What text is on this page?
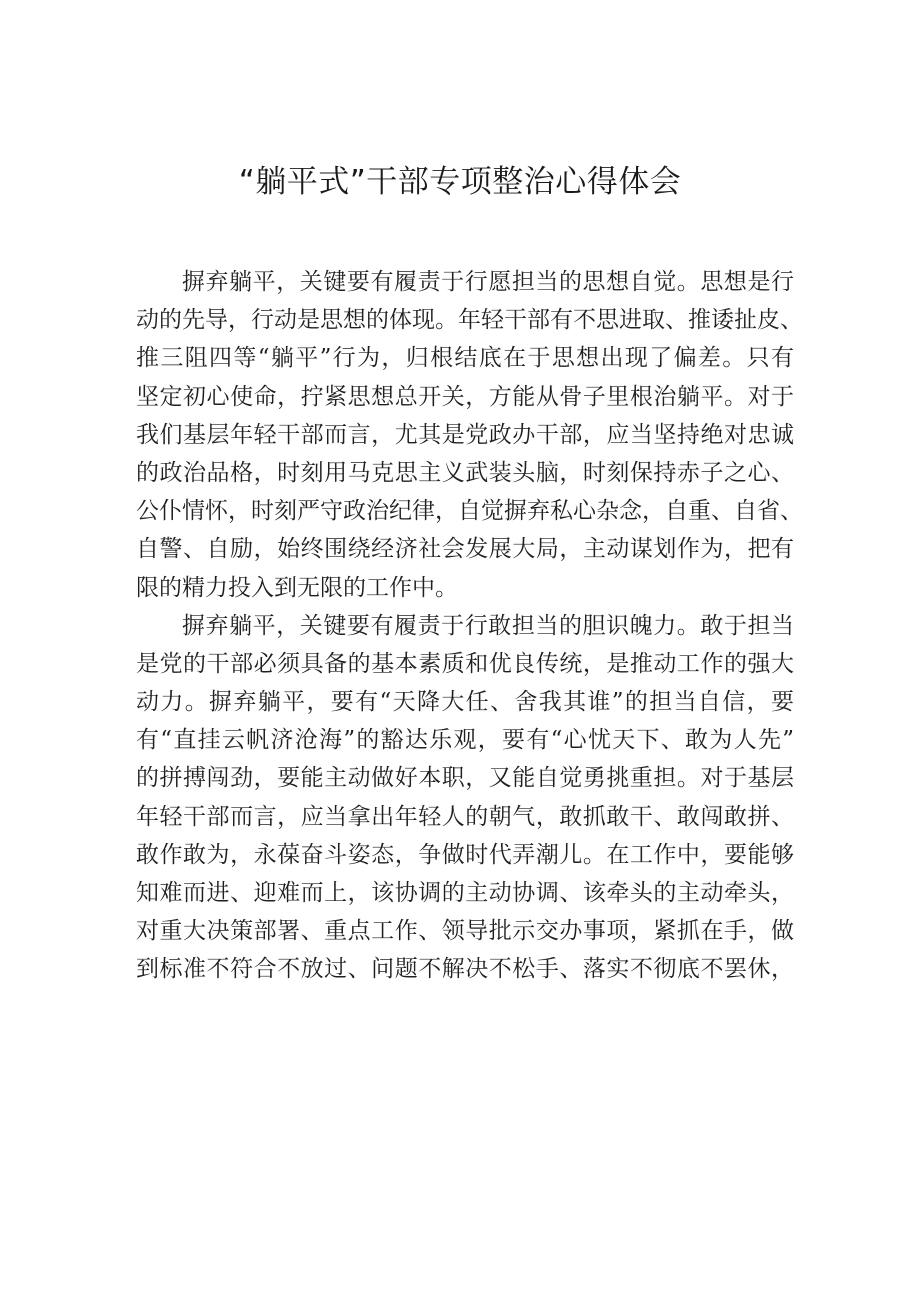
“躺平式”干部专项整治心得体会

摒弃躺平，关键要有履责于行愿担当的思想自觉。思想是行
动的先导，行动是思想的体现。年轻干部有不思进取、推诿扯皮、
推三阻四等“躺平”行为，归根结底在于思想出现了偏差。只有
坚定初心使命，拧紧思想总开关，方能从骨子里根治躺平。对于
我们基层年轻干部而言，尤其是党政办干部，应当坚持绝对忠诚
的政治品格，时刻用马克思主义武装头脑，时刻保持赤子之心、
公仆情怀，时刻严守政治纪律，自觉摒弃私心杂念，自重、自省、
自警、自励，始终围绕经济社会发展大局，主动谋划作为，把有
限的精力投入到无限的工作中。

摒弃躺平，关键要有履责于行敢担当的胆识魄力。敢于担当
是党的干部必须具备的基本素质和优良传统，是推动工作的强大
动力。摒弃躺平，要有“天降大任、舍我其谁”的担当自信，要
有“直挂云帆济沧海”的豁达乐观，要有“心忧天下、敢为人先”
的拼搏闯劲，要能主动做好本职，又能自觉勇挑重担。对于基层
年轻干部而言，应当拿出年轻人的朝气，敢抓敢干、敢闯敢拼、
敢作敢为，永葆奋斗姿态，争做时代弄潮儿。在工作中，要能够
知难而进、迎难而上，该协调的主动协调、该牵头的主动牵头，
对重大决策部署、重点工作、领导批示交办事项，紧抓在手，做
到标准不符合不放过、问题不解决不松手、落实不彻底不罢休，
